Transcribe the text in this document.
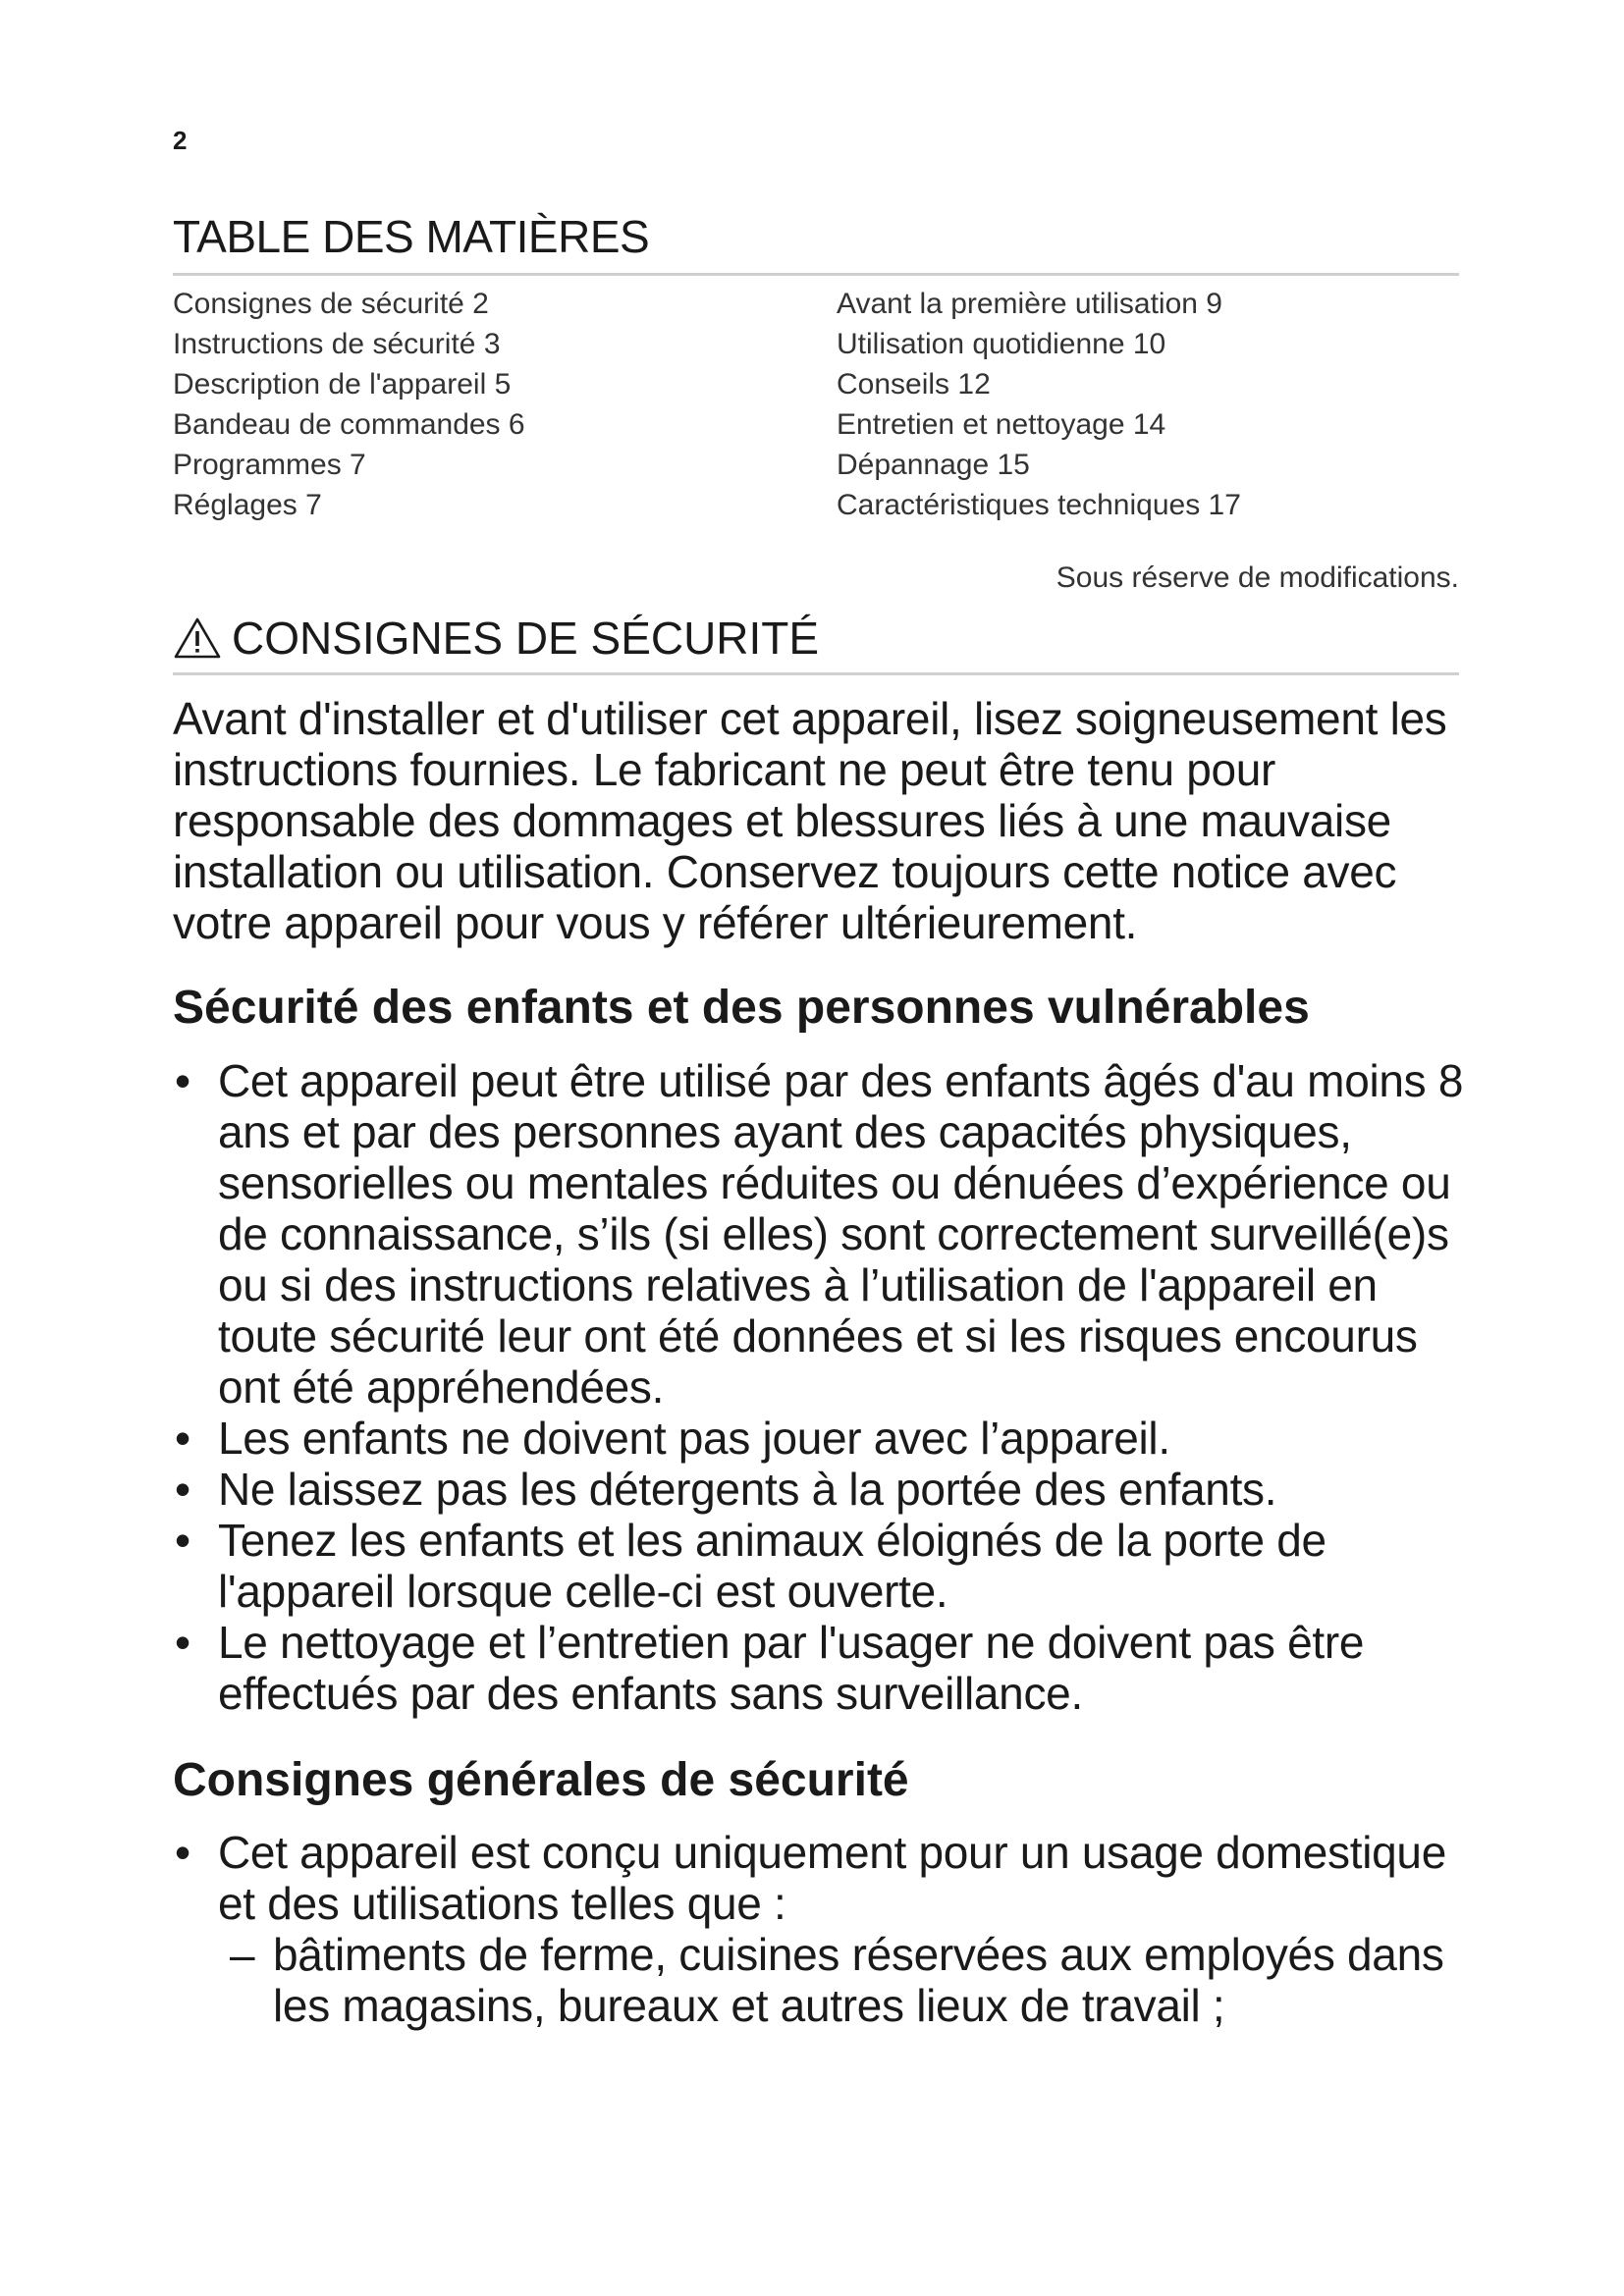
2
TABLE DES MATIÈRES
Consignes de sécurité 2
Instructions de sécurité 3
Description de l'appareil 5
Bandeau de commandes 6
Programmes 7
Réglages 7
Avant la première utilisation 9
Utilisation quotidienne 10
Conseils 12
Entretien et nettoyage 14
Dépannage 15
Caractéristiques techniques 17
Sous réserve de modifications.
CONSIGNES DE SÉCURITÉ

Avant d'installer et d'utiliser cet appareil, lisez soigneusement les instructions fournies. Le fabricant ne peut être tenu pour responsable des dommages et blessures liés à une mauvaise installation ou utilisation. Conservez toujours cette notice avec votre appareil pour vous y référer ultérieurement.

Sécurité des enfants et des personnes vulnérables
• Cet appareil peut être utilisé par des enfants âgés d'au moins 8 ans et par des personnes ayant des capacités physiques, sensorielles ou mentales réduites ou dénuées d’expérience ou de connaissance, s’ils (si elles) sont correctement surveillé(e)s ou si des instructions relatives à l’utilisation de l'appareil en toute sécurité leur ont été données et si les risques encourus ont été appréhendées.
• Les enfants ne doivent pas jouer avec l’appareil.
• Ne laissez pas les détergents à la portée des enfants.
• Tenez les enfants et les animaux éloignés de la porte de l'appareil lorsque celle-ci est ouverte.
• Le nettoyage et l’entretien par l'usager ne doivent pas être effectués par des enfants sans surveillance.
Consignes générales de sécurité
• Cet appareil est conçu uniquement pour un usage domestique et des utilisations telles que :
– bâtiments de ferme, cuisines réservées aux employés dans les magasins, bureaux et autres lieux de travail ;
